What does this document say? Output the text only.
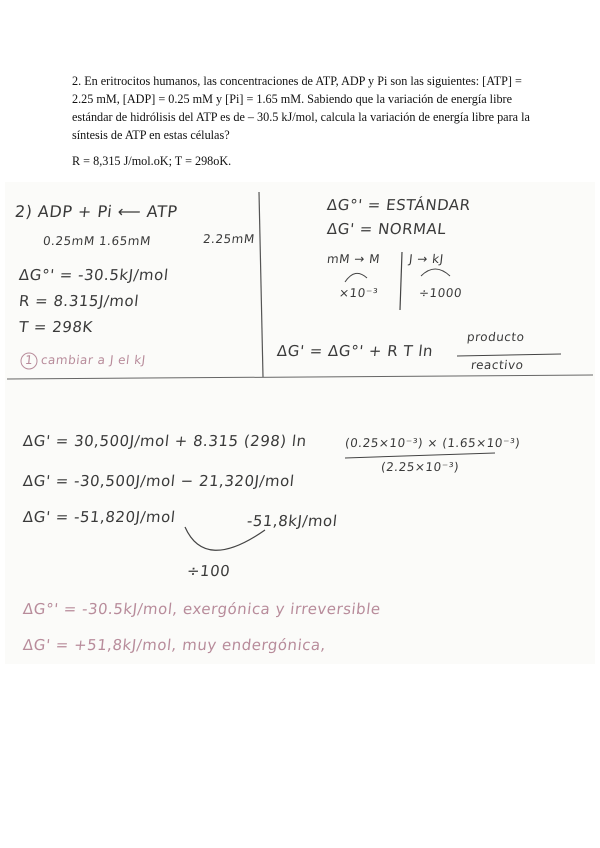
2. En eritrocitos humanos, las concentraciones de ATP, ADP y Pi son las siguientes: [ATP] = 2.25 mM, [ADP] = 0.25 mM y [Pi] = 1.65 mM. Sabiendo que la variación de energía libre estándar de hidrólisis del ATP es de – 30.5 kJ/mol, calcula la variación de energía libre para la síntesis de ATP en estas células?

R = 8,315 J/mol.oK; T = 298oK.

2) ADP + Pi ⟵ ATP
0.25mM 1.65mM	2.25mM
ΔG°' = -30.5kJ/mol
R = 8.315J/mol
T = 298K
1 cambiar a J el kJ
ΔG°' = ESTÁNDAR
ΔG' = NORMAL
mM → M
×10⁻³
J → kJ
÷1000
ΔG' = ΔG°' + R T ln
producto
reactivo
ΔG' = 30,500J/mol + 8.315 (298) ln	(0.25×10⁻³) × (1.65×10⁻³)
(2.25×10⁻³)
ΔG' = -30,500J/mol − 21,320J/mol
ΔG' = -51,820J/mol	-51,8kJ/mol
÷100
ΔG°' = -30.5kJ/mol, exergónica y irreversible
ΔG' = +51,8kJ/mol, muy endergónica,
